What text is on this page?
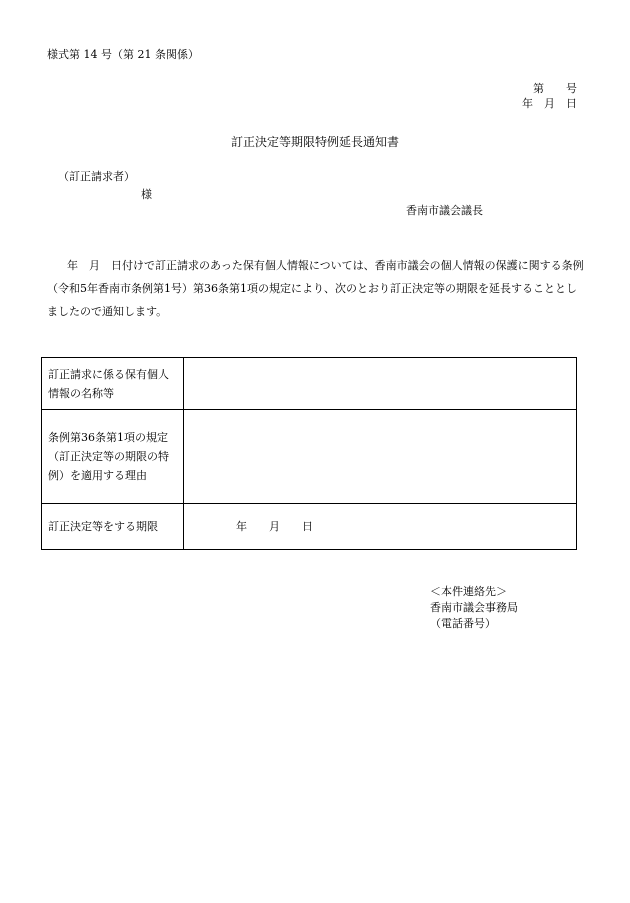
様式第 14 号（第 21 条関係）
第　　号
年　月　日
訂正決定等期限特例延長通知書
（訂正請求者）
様
香南市議会議長
年　月　日付けで訂正請求のあった保有個人情報については、香南市議会の個人情報の保護に関する条例（令和5年香南市条例第1号）第36条第1項の規定により、次のとおり訂正決定等の期限を延長することとしましたので通知します。
訂正請求に係る保有個人情報の名称等	
条例第36条第1項の規定（訂正決定等の期限の特例）を適用する理由	
訂正決定等をする期限	年　　月　　日
＜本件連絡先＞
香南市議会事務局
（電話番号）
